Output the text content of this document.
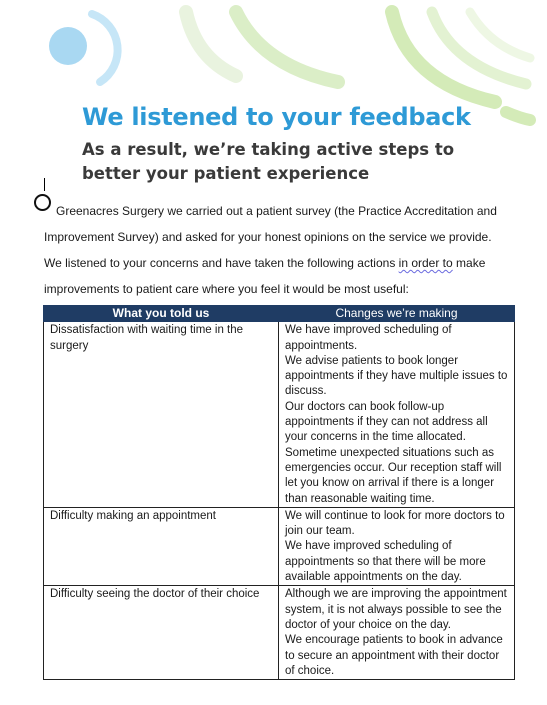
We listened to your feedback
As a result, we’re taking active steps to
better your patient experience

Greenacres Surgery we carried out a patient survey (the Practice Accreditation and

Improvement Survey) and asked for your honest opinions on the service we provide.

We listened to your concerns and have taken the following actions in order to make

improvements to patient care where you feel it would be most useful:

What you told us	Changes we’re making
Dissatisfaction with waiting time in the surgery	We have improved scheduling of appointments.
We advise patients to book longer appointments if they have multiple issues to discuss.
Our doctors can book follow-up appointments if they can not address all your concerns in the time allocated.
Sometime unexpected situations such as emergencies occur. Our reception staff will let you know on arrival if there is a longer than reasonable waiting time.

Difficulty making an appointment	We will continue to look for more doctors to join our team.
We have improved scheduling of appointments so that there will be more available appointments on the day.

Difficulty seeing the doctor of their choice	Although we are improving the appointment system, it is not always possible to see the doctor of your choice on the day.
We encourage patients to book in advance to secure an appointment with their doctor of choice.
